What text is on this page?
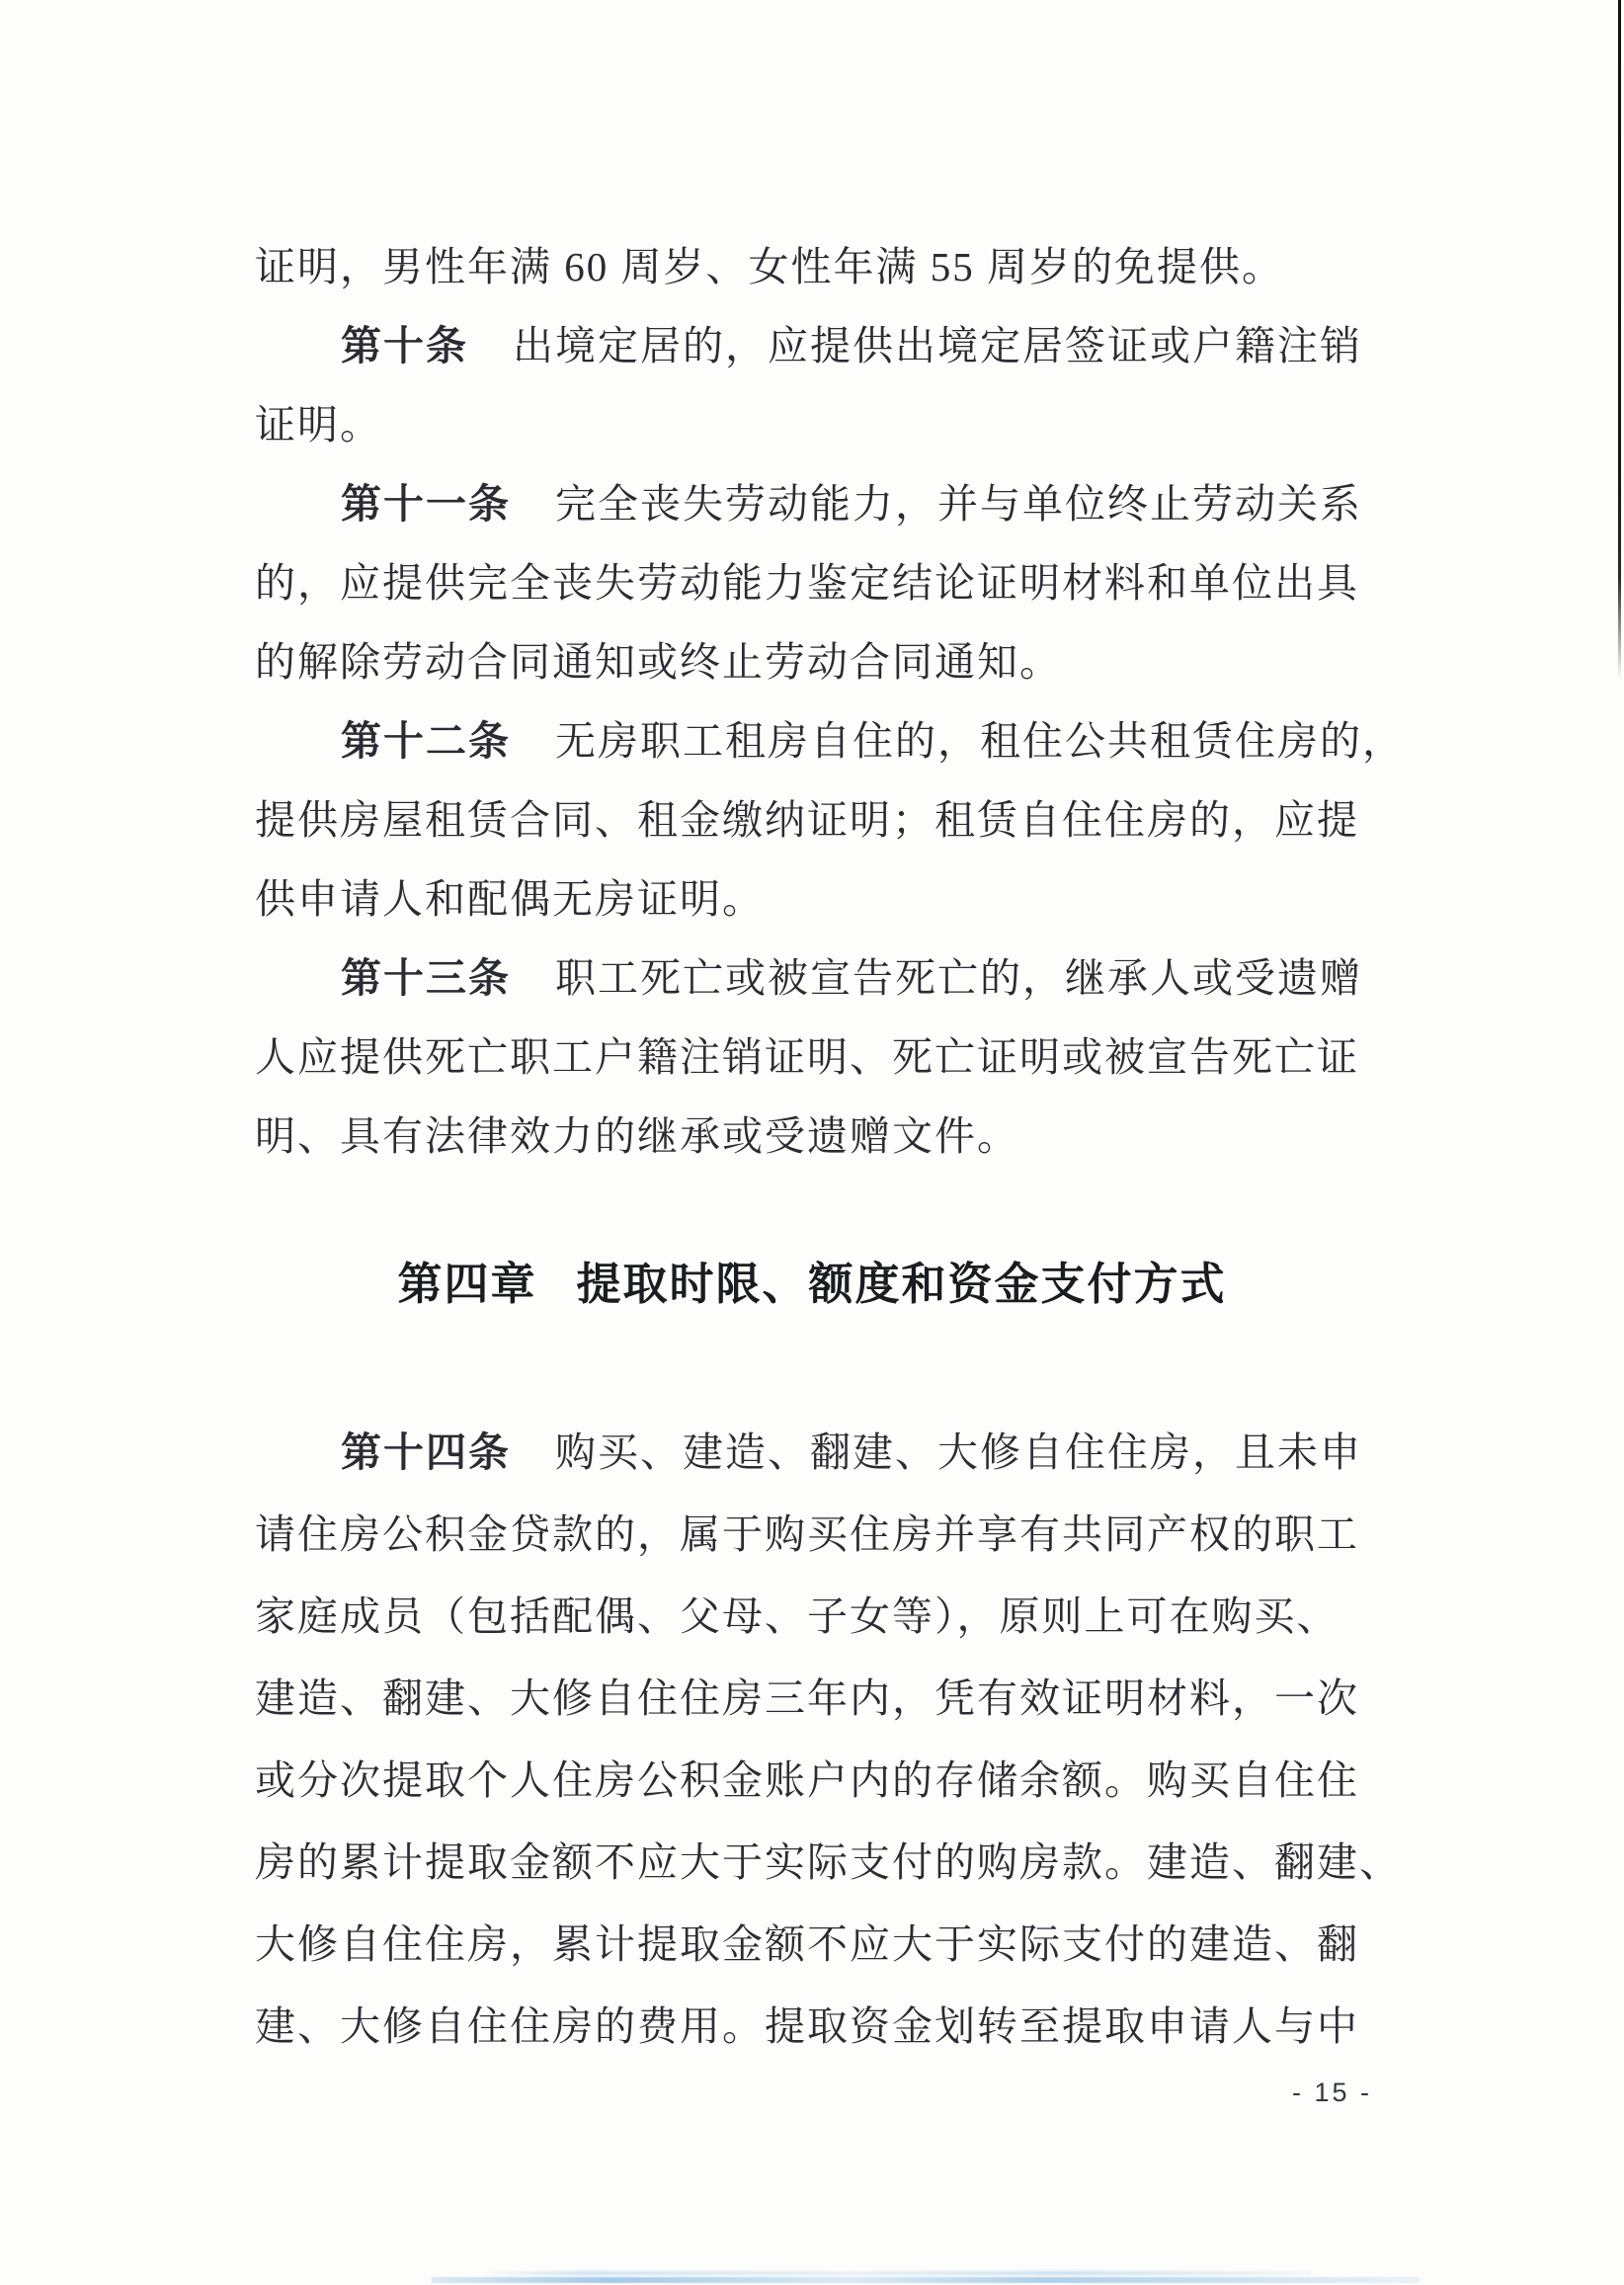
证明，男性年满 60 周岁、女性年满 55 周岁的免提供。
第十条 出境定居的，应提供出境定居签证或户籍注销
证明。
第十一条 完全丧失劳动能力，并与单位终止劳动关系
的，应提供完全丧失劳动能力鉴定结论证明材料和单位出具
的解除劳动合同通知或终止劳动合同通知。
第十二条 无房职工租房自住的，租住公共租赁住房的，
提供房屋租赁合同、租金缴纳证明；租赁自住住房的，应提
供申请人和配偶无房证明。
第十三条 职工死亡或被宣告死亡的，继承人或受遗赠
人应提供死亡职工户籍注销证明、死亡证明或被宣告死亡证
明、具有法律效力的继承或受遗赠文件。
第四章 提取时限、额度和资金支付方式
第十四条 购买、建造、翻建、大修自住住房，且未申
请住房公积金贷款的，属于购买住房并享有共同产权的职工
家庭成员（包括配偶、父母、子女等），原则上可在购买、
建造、翻建、大修自住住房三年内，凭有效证明材料，一次
或分次提取个人住房公积金账户内的存储余额。购买自住住
房的累计提取金额不应大于实际支付的购房款。建造、翻建、
大修自住住房，累计提取金额不应大于实际支付的建造、翻
建、大修自住住房的费用。提取资金划转至提取申请人与中
- 15 -
